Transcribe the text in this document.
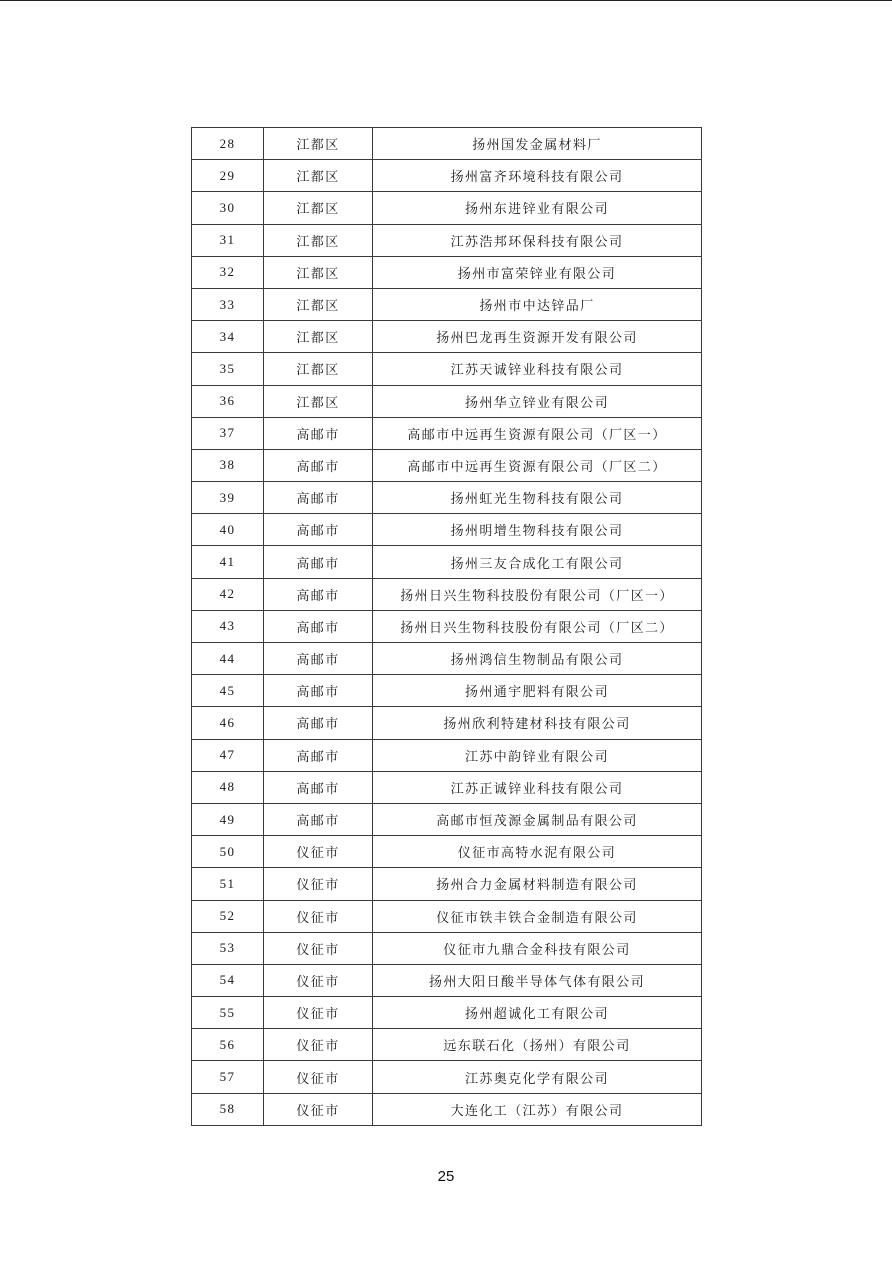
28	江都区	扬州国发金属材料厂
29	江都区	扬州富齐环境科技有限公司
30	江都区	扬州东进锌业有限公司
31	江都区	江苏浩邦环保科技有限公司
32	江都区	扬州市富荣锌业有限公司
33	江都区	扬州市中达锌品厂
34	江都区	扬州巴龙再生资源开发有限公司
35	江都区	江苏天诚锌业科技有限公司
36	江都区	扬州华立锌业有限公司
37	高邮市	高邮市中远再生资源有限公司（厂区一）
38	高邮市	高邮市中远再生资源有限公司（厂区二）
39	高邮市	扬州虹光生物科技有限公司
40	高邮市	扬州明增生物科技有限公司
41	高邮市	扬州三友合成化工有限公司
42	高邮市	扬州日兴生物科技股份有限公司（厂区一）
43	高邮市	扬州日兴生物科技股份有限公司（厂区二）
44	高邮市	扬州鸿信生物制品有限公司
45	高邮市	扬州通宇肥料有限公司
46	高邮市	扬州欣利特建材科技有限公司
47	高邮市	江苏中韵锌业有限公司
48	高邮市	江苏正诚锌业科技有限公司
49	高邮市	高邮市恒茂源金属制品有限公司
50	仪征市	仪征市高特水泥有限公司
51	仪征市	扬州合力金属材料制造有限公司
52	仪征市	仪征市铁丰铁合金制造有限公司
53	仪征市	仪征市九鼎合金科技有限公司
54	仪征市	扬州大阳日酸半导体气体有限公司
55	仪征市	扬州超诚化工有限公司
56	仪征市	远东联石化（扬州）有限公司
57	仪征市	江苏奥克化学有限公司
58	仪征市	大连化工（江苏）有限公司
25
